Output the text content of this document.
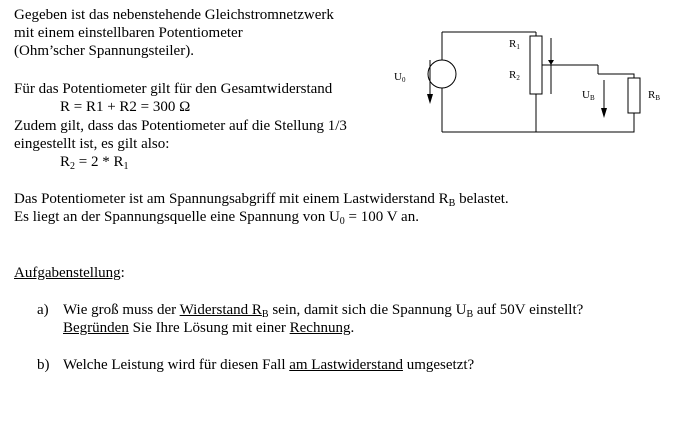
Gegeben ist das nebenstehende Gleichstromnetzwerk
mit einem einstellbaren Potentiometer
(Ohm’scher Spannungsteiler).
Für das Potentiometer gilt für den Gesamtwiderstand
R = R1 + R2 = 300 Ω
Zudem gilt, dass das Potentiometer auf die Stellung 1/3
eingestellt ist, es gilt also:
$R_2 = 2 * R_1$
Das Potentiometer ist am Spannungsabgriff mit einem Lastwiderstand $R_B$ belastet.
Es liegt an der Spannungsquelle eine Spannung von $U_0 = 100$ V an.
Aufgabenstellung:
a) Wie groß muss der Widerstand $R_B$ sein, damit sich die Spannung $U_B$ auf 50V einstellt?
Begründen Sie Ihre Lösung mit einer Rechnung.
b) Welche Leistung wird für diesen Fall am Lastwiderstand umgesetzt?
U0
R1
R2
UB	RB
